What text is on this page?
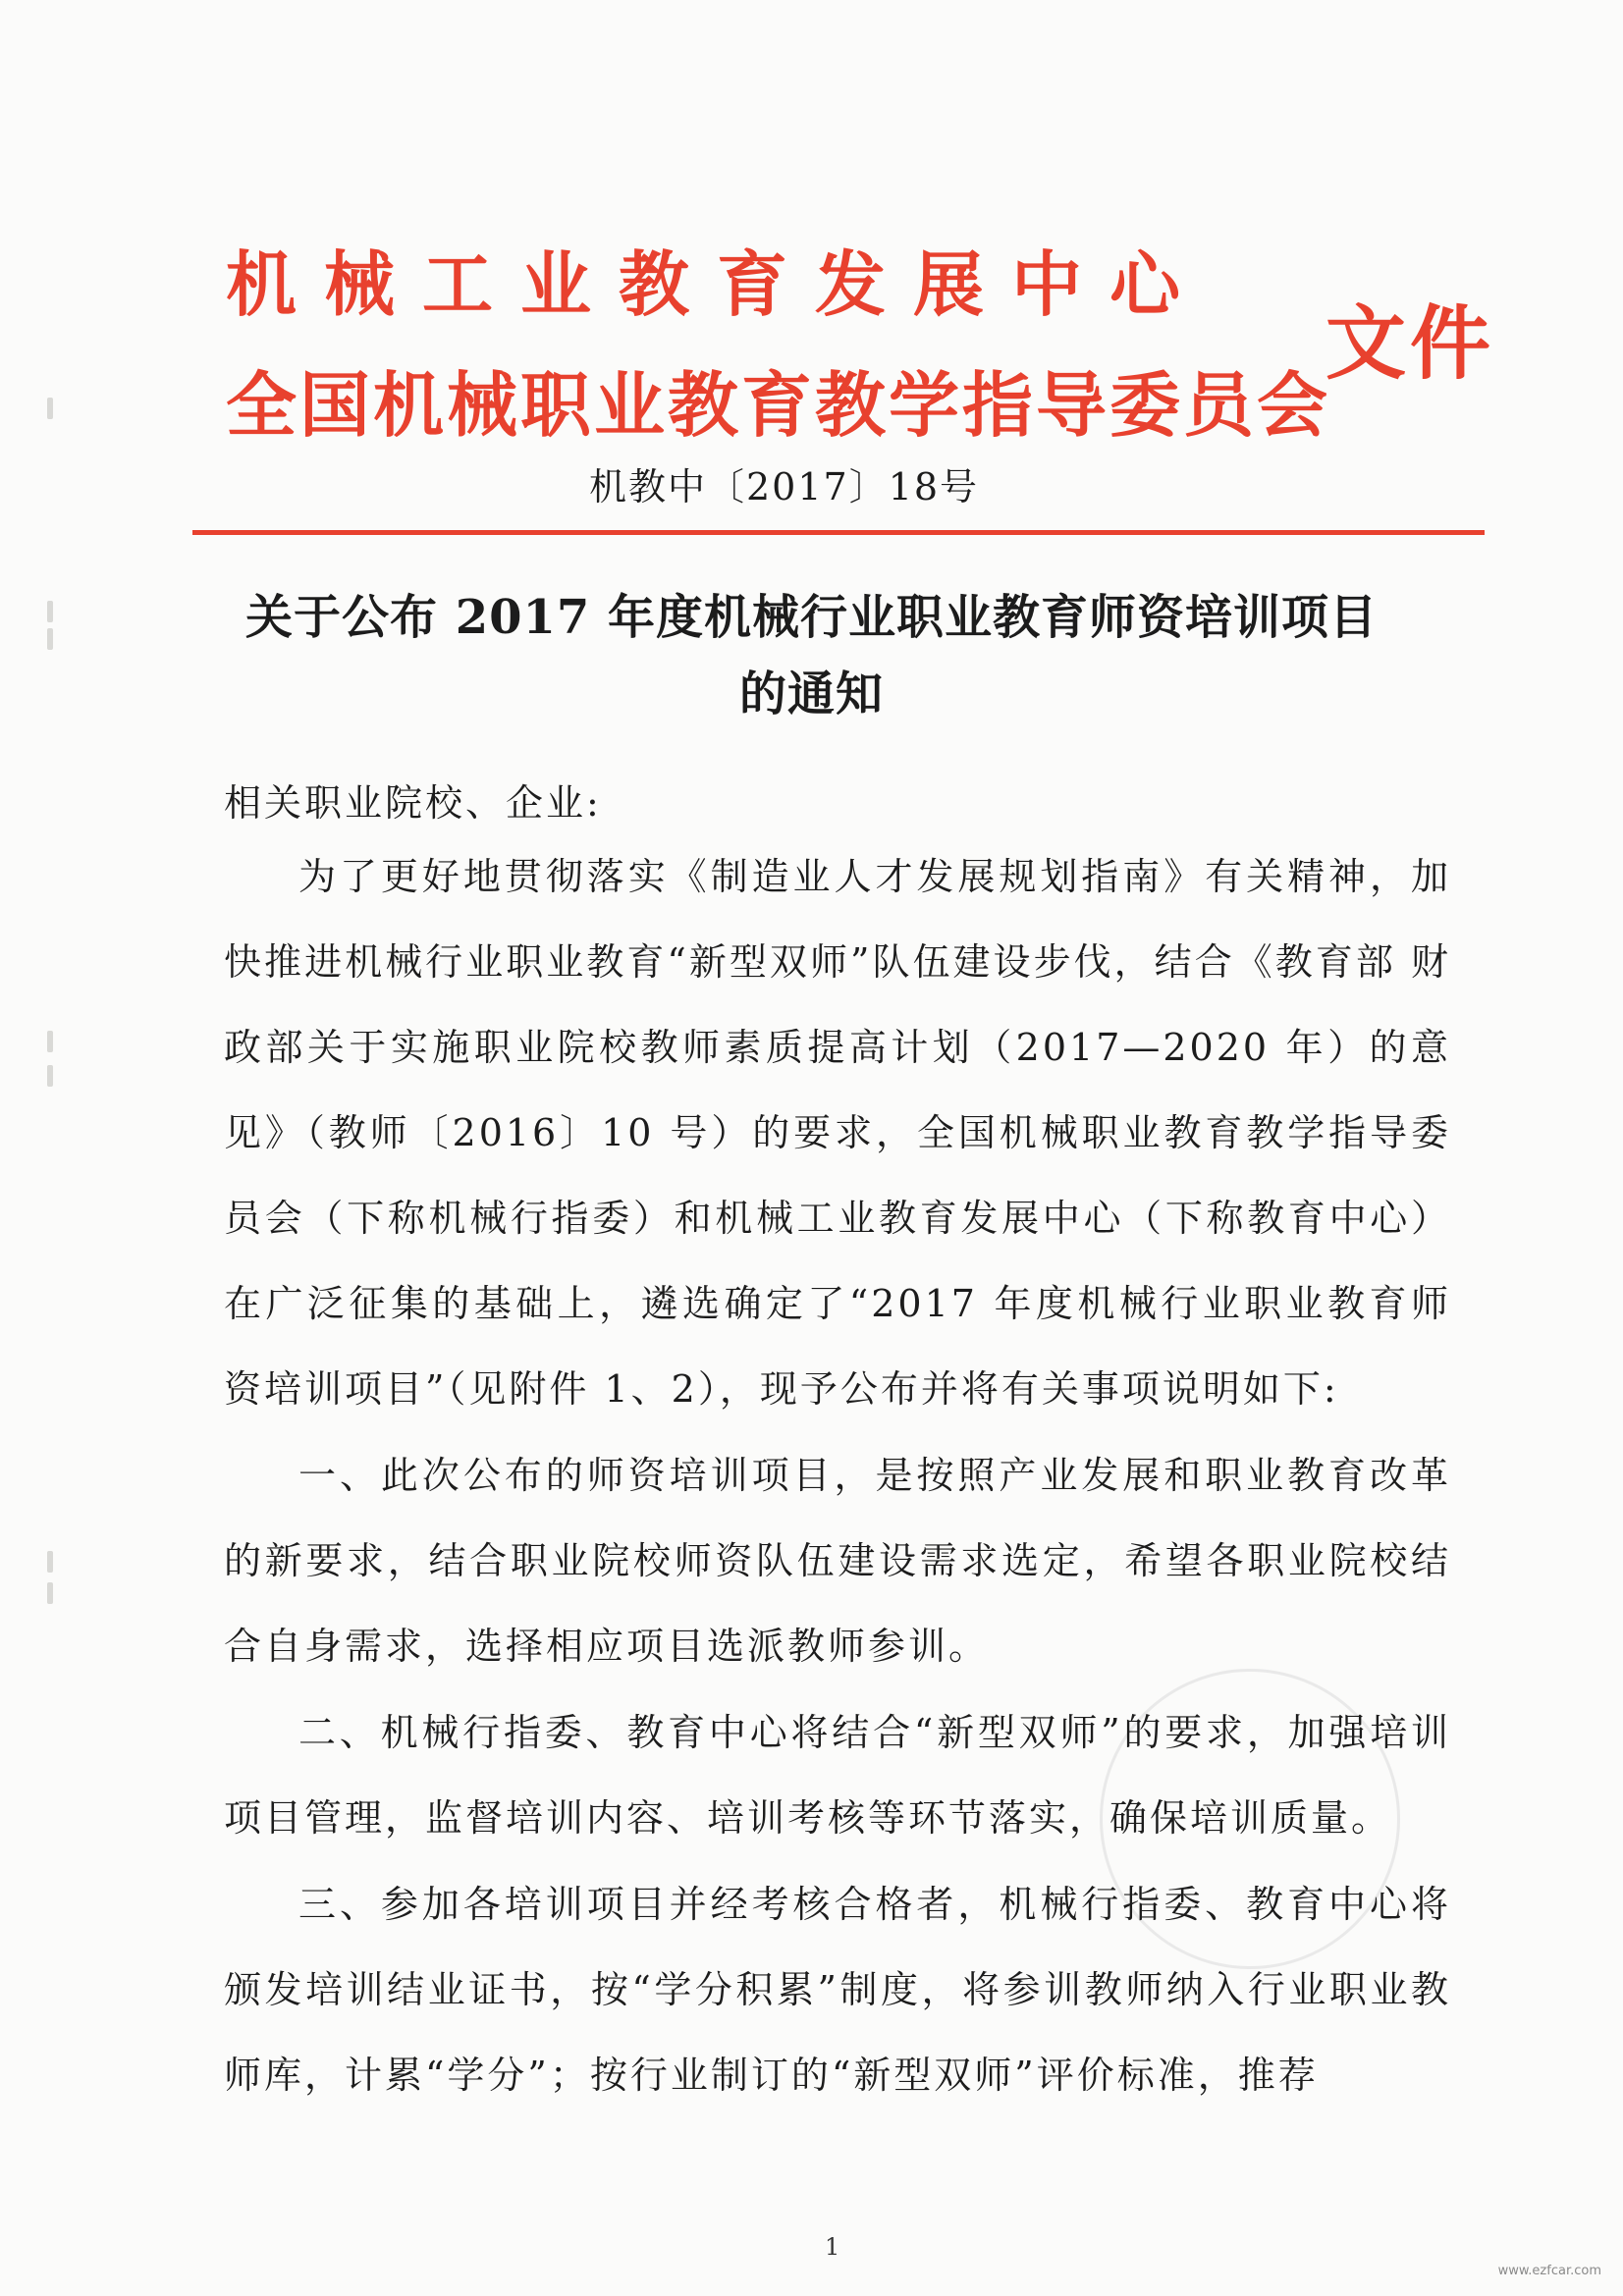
机械工业教育发展中心
全国机械职业教育教学指导委员会
文件
机教中〔2017〕18号
关于公布 2017 年度机械行业职业教育师资培训项目
的通知
相关职业院校、企业:
为了更好地贯彻落实《制造业人才发展规划指南》有关精神，加快推进机械行业职业教育“新型双师”队伍建设步伐，结合《教育部 财政部关于实施职业院校教师素质提高计划（2017—2020 年）的意见》（教师〔2016〕10 号）的要求，全国机械职业教育教学指导委员会（下称机械行指委）和机械工业教育发展中心（下称教育中心）在广泛征集的基础上，遴选确定了“2017 年度机械行业职业教育师资培训项目”（见附件 1、2），现予公布并将有关事项说明如下:
一、此次公布的师资培训项目，是按照产业发展和职业教育改革的新要求，结合职业院校师资队伍建设需求选定，希望各职业院校结合自身需求，选择相应项目选派教师参训。
二、机械行指委、教育中心将结合“新型双师”的要求，加强培训项目管理，监督培训内容、培训考核等环节落实，确保培训质量。
三、参加各培训项目并经考核合格者，机械行指委、教育中心将颁发培训结业证书，按“学分积累”制度，将参训教师纳入行业职业教师库，计累“学分”；按行业制订的“新型双师”评价标准，推荐
1
www.ezfcar.com
